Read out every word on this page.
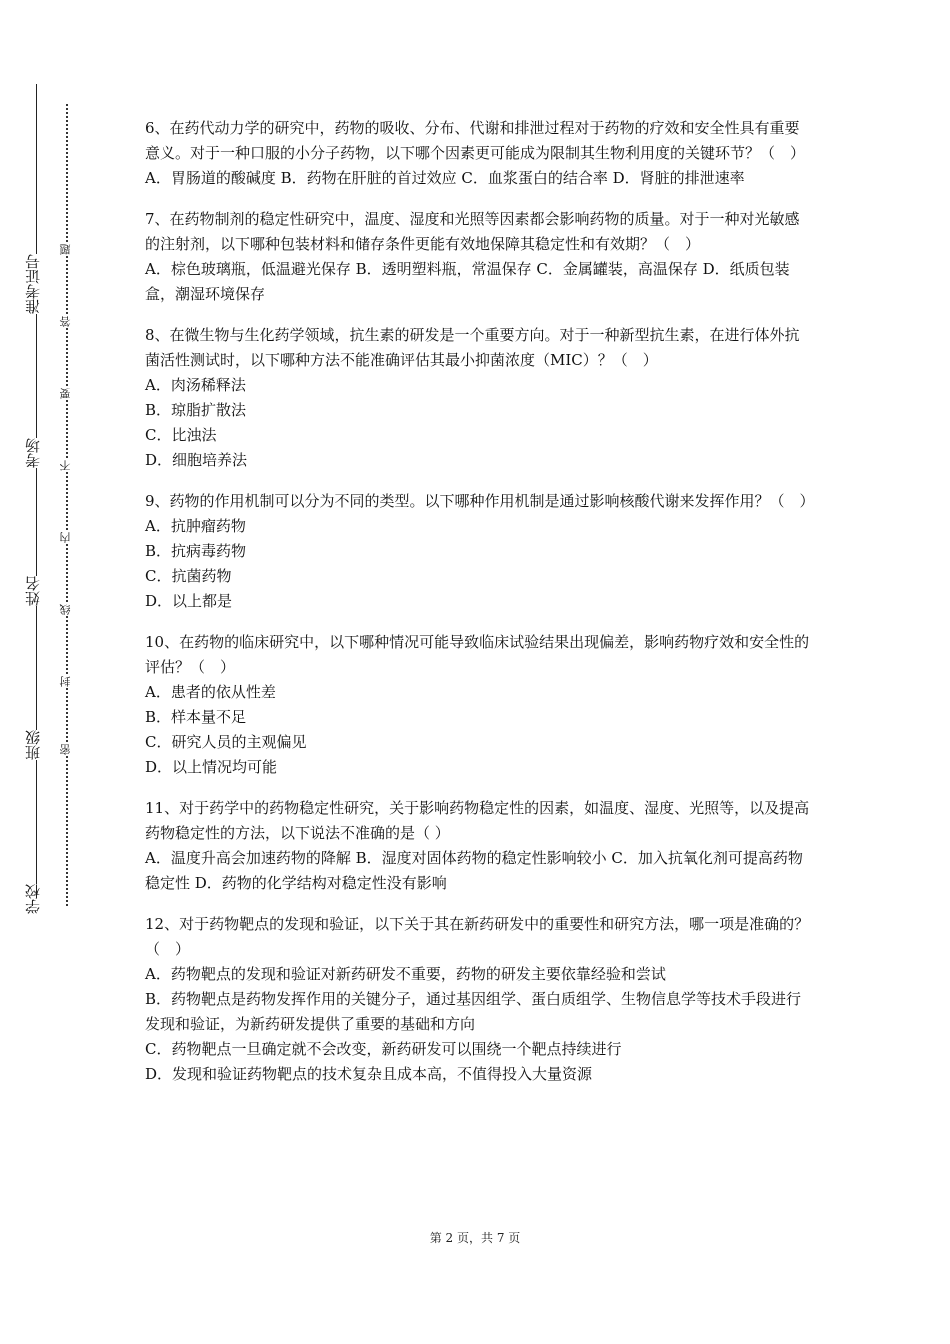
准考证号
考场
姓名
班级
学校
题
答
要
不
内
线
封
密

6、在药代动力学的研究中，药物的吸收、分布、代谢和排泄过程对于药物的疗效和安全性具有重要意义。对于一种口服的小分子药物，以下哪个因素更可能成为限制其生物利用度的关键环节？（　）

A．胃肠道的酸碱度 B．药物在肝脏的首过效应 C．血浆蛋白的结合率 D．肾脏的排泄速率

7、在药物制剂的稳定性研究中，温度、湿度和光照等因素都会影响药物的质量。对于一种对光敏感的注射剂，以下哪种包装材料和储存条件更能有效地保障其稳定性和有效期？（　）

A．棕色玻璃瓶，低温避光保存 B．透明塑料瓶，常温保存 C．金属罐装，高温保存 D．纸质包装盒，潮湿环境保存

8、在微生物与生化药学领域，抗生素的研发是一个重要方向。对于一种新型抗生素，在进行体外抗菌活性测试时，以下哪种方法不能准确评估其最小抑菌浓度（MIC）？（　）

A．肉汤稀释法

B．琼脂扩散法

C．比浊法

D．细胞培养法

9、药物的作用机制可以分为不同的类型。以下哪种作用机制是通过影响核酸代谢来发挥作用？（　）

A．抗肿瘤药物

B．抗病毒药物

C．抗菌药物

D．以上都是

10、在药物的临床研究中，以下哪种情况可能导致临床试验结果出现偏差，影响药物疗效和安全性的评估？（　）

A．患者的依从性差

B．样本量不足

C．研究人员的主观偏见

D．以上情况均可能

11、对于药学中的药物稳定性研究，关于影响药物稳定性的因素，如温度、湿度、光照等，以及提高药物稳定性的方法，以下说法不准确的是（ ）

A．温度升高会加速药物的降解 B．湿度对固体药物的稳定性影响较小 C．加入抗氧化剂可提高药物稳定性 D．药物的化学结构对稳定性没有影响

12、对于药物靶点的发现和验证，以下关于其在新药研发中的重要性和研究方法，哪一项是准确的？（　）

A．药物靶点的发现和验证对新药研发不重要，药物的研发主要依靠经验和尝试

B．药物靶点是药物发挥作用的关键分子，通过基因组学、蛋白质组学、生物信息学等技术手段进行发现和验证，为新药研发提供了重要的基础和方向

C．药物靶点一旦确定就不会改变，新药研发可以围绕一个靶点持续进行

D．发现和验证药物靶点的技术复杂且成本高，不值得投入大量资源

第 2 页，共 7 页
